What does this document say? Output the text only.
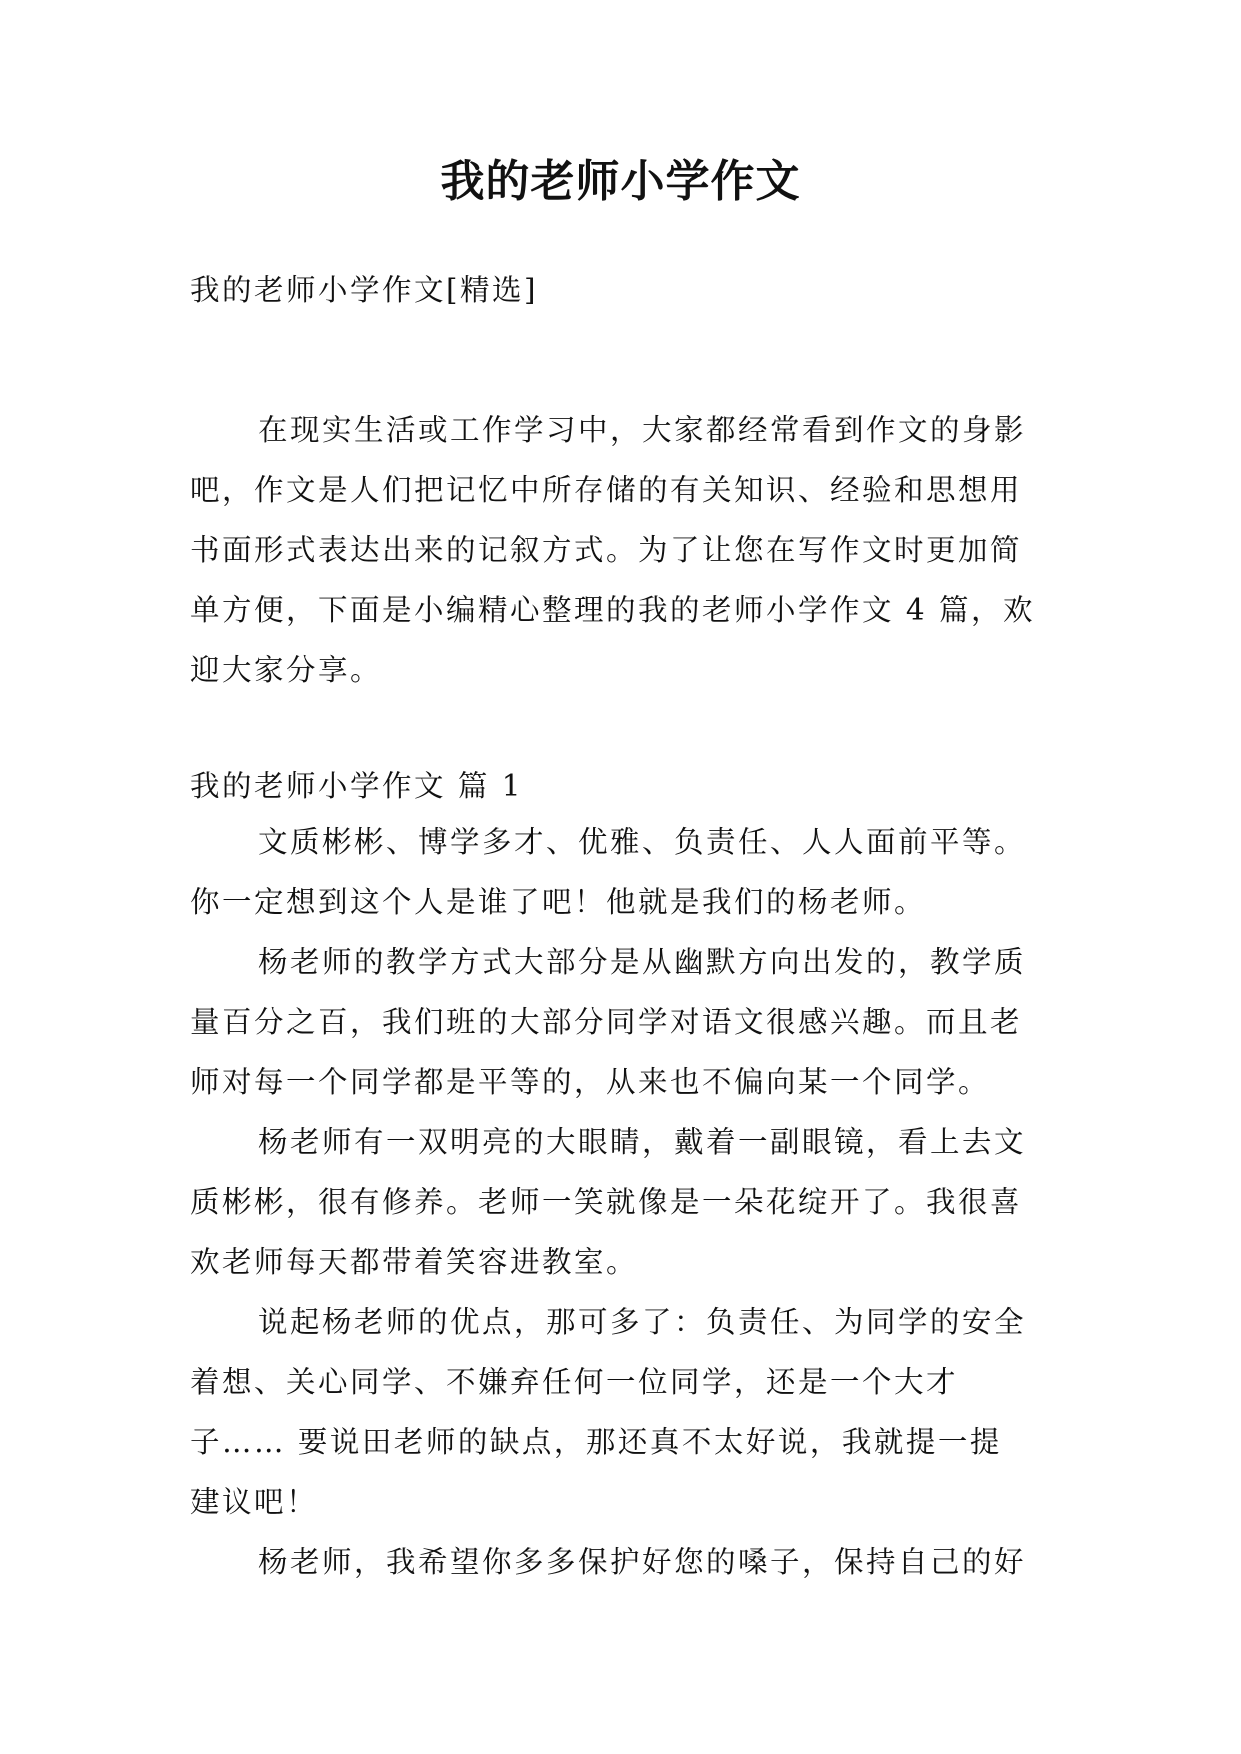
我的老师小学作文

我的老师小学作文[精选]

在现实生活或工作学习中，大家都经常看到作文的身影
吧，作文是人们把记忆中所存储的有关知识、经验和思想用
书面形式表达出来的记叙方式。为了让您在写作文时更加简
单方便，下面是小编精心整理的我的老师小学作文 4 篇，欢
迎大家分享。

我的老师小学作文 篇 1

文质彬彬、博学多才、优雅、负责任、人人面前平等。
你一定想到这个人是谁了吧！他就是我们的杨老师。
杨老师的教学方式大部分是从幽默方向出发的，教学质
量百分之百，我们班的大部分同学对语文很感兴趣。而且老
师对每一个同学都是平等的，从来也不偏向某一个同学。
杨老师有一双明亮的大眼睛，戴着一副眼镜，看上去文
质彬彬，很有修养。老师一笑就像是一朵花绽开了。我很喜
欢老师每天都带着笑容进教室。
说起杨老师的优点，那可多了：负责任、为同学的安全
着想、关心同学、不嫌弃任何一位同学，还是一个大才
子…… 要说田老师的缺点，那还真不太好说，我就提一提
建议吧！
杨老师，我希望你多多保护好您的嗓子，保持自己的好
